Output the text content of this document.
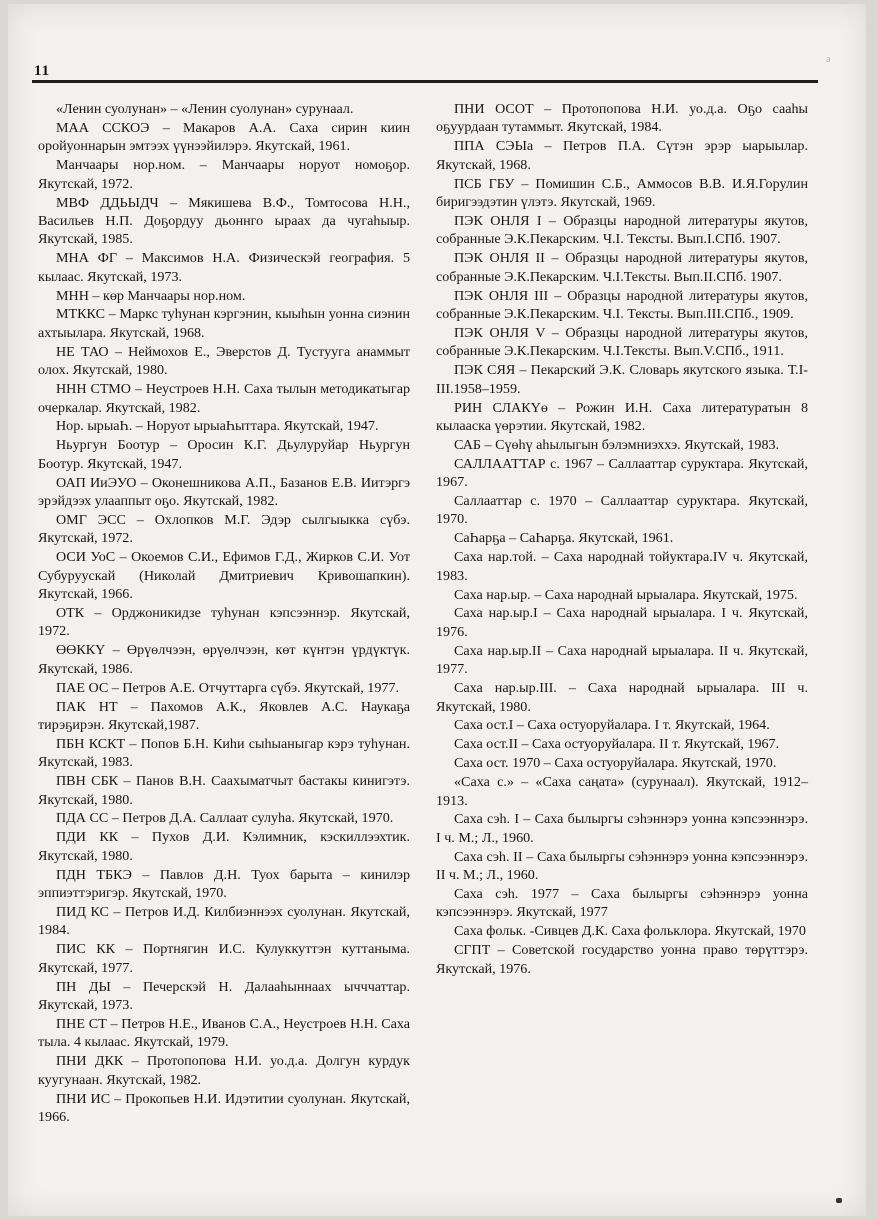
ǝ
11

«Ленин суолунан» – «Ленин суолунан» сурунаал.

МАА ССКОЭ – Макаров А.А. Саха сирин киин оройуоннарын эмтээх үүнээйилэрэ. Якутскай, 1961.

Манчаары нор.ном. – Манчаары норуот номоҕор. Якутскай, 1972.

МВФ ДДЬЫДЧ – Мякишева В.Ф., Томтосова Н.Н., Васильев Н.П. Доҕордуу дьоннго ыраах да чугаһыыр. Якутскай, 1985.

МНА ФГ – Максимов Н.А. Физическэй география. 5 кылаас. Якутскай, 1973.

МНН – көр Манчаары нор.ном.

МТККС – Маркс туһунан кэргэнин, кыыһын уонна сиэнин ахтыылара. Якутскай, 1968.

НЕ ТАО – Неймохов Е., Эверстов Д. Тустууга анаммыт олох. Якутскай, 1980.

ННН СТМО – Неустроев Н.Н. Саха тылын методикатыгар очеркалар. Якутскай, 1982.

Нор. ырыаҺ. – Норуот ырыаҺыттара. Якутскай, 1947.

Ньургун Боотур – Оросин К.Г. Дьулуруйар Ньургун Боотур. Якутскай, 1947.

ОАП ИиЭУО – Оконешникова А.П., Базанов Е.В. Иитэргэ эрэйдээх улааппыт оҕо. Якутскай, 1982.

ОМГ ЭСС – Охлопков М.Г. Эдэр сылгыыкка сүбэ. Якутскай, 1972.

ОСИ УоС – Окоемов С.И., Ефимов Г.Д., Жирков С.И. Уот Субуруускай (Николай Дмитриевич Кривошапкин). Якутскай, 1966.

ОТК – Орджоникидзе туһунан кэпсээннэр. Якутскай, 1972.

ӨӨККҮ – Өрүөлчээн, өрүөлчээн, көт күнтэн үрдүктүк. Якутскай, 1986.

ПАЕ ОС – Петров А.Е. Отчуттарга сүбэ. Якутскай, 1977.

ПАК НТ – Пахомов А.К., Яковлев А.С. Наукаҕа тирэҕирэн. Якутскай,1987.

ПБН КСКТ – Попов Б.Н. Киһи сыһыаныгар кэрэ туһунан. Якутскай, 1983.

ПВН СБК – Панов В.Н. Саахыматчыт бастакы кинигэтэ. Якутскай, 1980.

ПДА СС – Петров Д.А. Саллаат сулуһа. Якутскай, 1970.

ПДИ КК – Пухов Д.И. Кэлимник, кэскиллээхтик. Якутскай, 1980.

ПДН ТБКЭ – Павлов Д.Н. Туох барыта – кинилэр эппиэттэригэр. Якутскай, 1970.

ПИД КС – Петров И.Д. Килбиэннээх суолунан. Якутскай, 1984.

ПИС КК – Портнягин И.С. Кулуккуттэн куттаныма. Якутскай, 1977.

ПН ДЫ – Печерскэй Н. Далааһыннаах ычччаттар. Якутскай, 1973.

ПНЕ СТ – Петров Н.Е., Иванов С.А., Неустроев Н.Н. Саха тыла. 4 кылаас. Якутскай, 1979.

ПНИ ДКК – Протопопова Н.И. уо.д.а. Долгун курдук куугунаан. Якутскай, 1982.

ПНИ ИС – Прокопьев Н.И. Идэтитии суолунан. Якутскай, 1966.

ПНИ ОСОТ – Протопопова Н.И. уо.д.а. Оҕо сааһы оҕуурдаан тутаммыт. Якутскай, 1984.

ППА СЭЫа – Петров П.А. Сүтэн эрэр ыарыылар. Якутскай, 1968.

ПСБ ГБУ – Помишин С.Б., Аммосов В.В. И.Я.Горулин биригээдэтин үлэтэ. Якутскай, 1969.

ПЭК ОНЛЯ I – Образцы народной литературы якутов, собранные Э.К.Пекарским. Ч.I. Тексты. Вып.I.СПб. 1907.

ПЭК ОНЛЯ II – Образцы народной литературы якутов, собранные Э.К.Пекарским. Ч.I.Тексты. Вып.II.СПб. 1907.

ПЭК ОНЛЯ III – Образцы народной литературы якутов, собранные Э.К.Пекарским. Ч.I. Тексты. Вып.III.СПб., 1909.

ПЭК ОНЛЯ V – Образцы народной литературы якутов, собранные Э.К.Пекарским. Ч.I.Тексты. Вып.V.СПб., 1911.

ПЭК СЯЯ – Пекарский Э.К. Словарь якутского языка. Т.I-III.1958–1959.

РИН СЛАКҮө – Рожин И.Н. Саха литературатын 8 кылааска үөрэтии. Якутскай, 1982.

САБ – Сүөһү аһылыгын бэлэмниэххэ. Якутскай, 1983.

САЛЛААТТАР с. 1967 – Саллааттар суруктара. Якутскай, 1967.

Саллааттар с. 1970 – Саллааттар суруктара. Якутскай, 1970.

СаҺарҕа – СаҺарҕа. Якутскай, 1961.

Саха нар.той. – Саха народнай тойуктара.IV ч. Якутскай, 1983.

Саха нар.ыр. – Саха народнай ырыалара. Якутскай, 1975.

Саха нар.ыр.I – Саха народнай ырыалара. I ч. Якутскай, 1976.

Саха нар.ыр.II – Саха народнай ырыалара. II ч. Якутскай, 1977.

Саха нар.ыр.III. – Саха народнай ырыалара. III ч. Якутскай, 1980.

Саха ост.I – Саха остуоруйалара. I т. Якутскай, 1964.

Саха ост.II – Саха остуоруйалара. II т. Якутскай, 1967.

Саха ост. 1970 – Саха остуоруйалара. Якутскай, 1970.

«Саха с.» – «Саха саңата» (сурунаал). Якутскай, 1912–1913.

Саха сэһ. I – Саха былыргы сэһэннэрэ уонна кэпсээннэрэ. I ч. М.; Л., 1960.

Саха сэһ. II – Саха былыргы сэһэннэрэ уонна кэпсээннэрэ. II ч. М.; Л., 1960.

Саха сэһ. 1977 – Саха былыргы сэһэннэрэ уонна кэпсээннэрэ. Якутскай, 1977

Саха фольк. -Сивцев Д.К. Саха фольклора. Якутскай, 1970

СГПТ – Советской государство уонна право төрүттэрэ. Якутскай, 1976.
